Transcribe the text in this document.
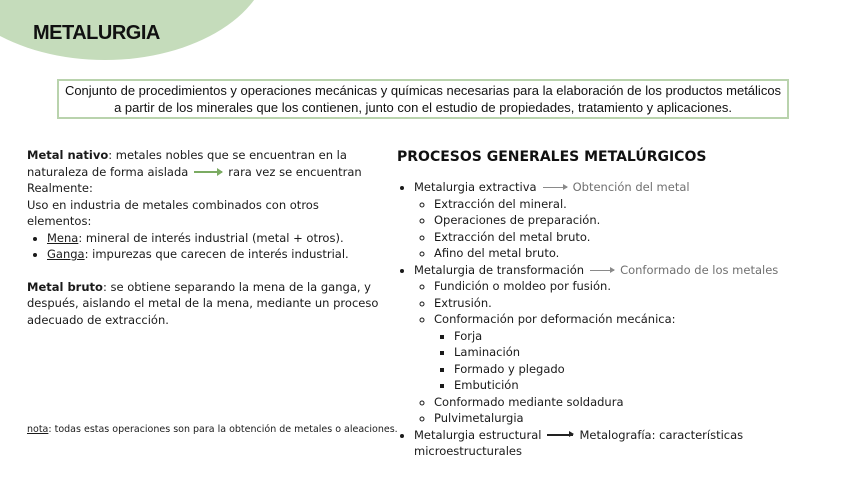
METALURGIA
Conjunto de procedimientos y operaciones mecánicas y químicas necesarias para la elaboración de los productos metálicos
a partir de los minerales que los contienen, junto con el estudio de propiedades, tratamiento y aplicaciones.

Metal nativo: metales nobles que se encuentran en la naturaleza de forma aislada	rara vez se encuentran

Realmente:

Uso en industria de metales combinados con otros elementos:

• Mena: mineral de interés industrial (metal + otros).
• Ganga: impurezas que carecen de interés industrial.

Metal bruto: se obtiene separando la mena de la ganga, y después, aislando el metal de la mena, mediante un proceso adecuado de extracción.

nota: todas estas operaciones son para la obtención de metales o aleaciones.
PROCESOS GENERALES METALÚRGICOS
• Metalurgia extractiva	Obtención del metal
◦ Extracción del mineral.
◦ Operaciones de preparación.
◦ Extracción del metal bruto.
◦ Afino del metal bruto.
• Metalurgia de transformación	Conformado de los metales
◦ Fundición o moldeo por fusión.
◦ Extrusión.
◦ Conformación por deformación mecánica:
▪ Forja
▪ Laminación
▪ Formado y plegado
▪ Embutición
◦ Conformado mediante soldadura
◦ Pulvimetalurgia
• Metalurgia estructural	Metalografía: características microestructurales
